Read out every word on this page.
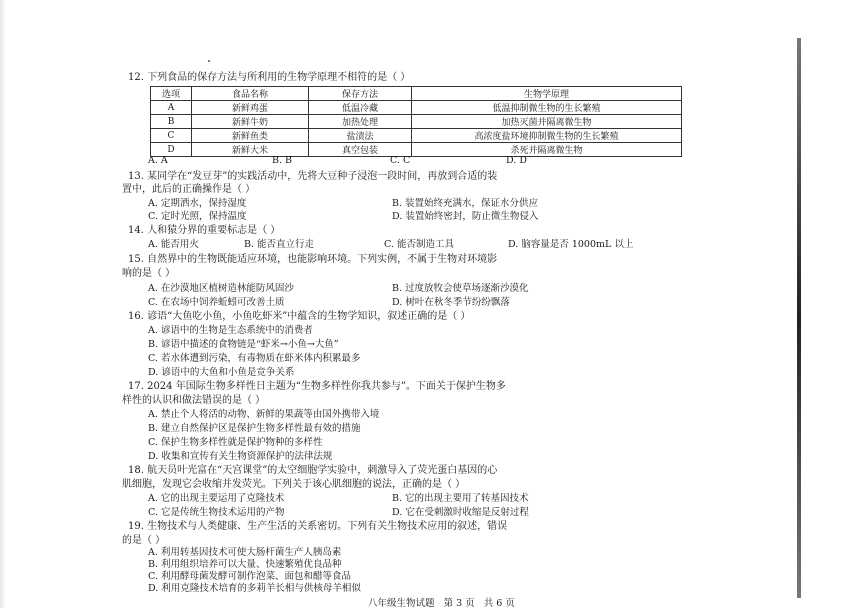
12. 下列食品的保存方法与所利用的生物学原理不相符的是（ ）
选项	食品名称	保存方法	生物学原理
A	新鲜鸡蛋	低温冷藏	低温抑制微生物的生长繁殖
B	新鲜牛奶	加热处理	加热灭菌并隔离微生物
C	新鲜鱼类	盐渍法	高浓度盐环境抑制微生物的生长繁殖
D	新鲜大米	真空包装	杀死并隔离微生物
A. A	B. B	C. C	D. D
13. 某同学在“发豆芽”的实践活动中，先将大豆种子浸泡一段时间，再放到合适的装
置中，此后的正确操作是（ ）
A. 定期洒水，保持湿度	B. 装置始终充满水，保证水分供应
C. 定时光照，保持温度	D. 装置始终密封，防止微生物侵入
14. 人和猿分界的重要标志是（ ）
A. 能否用火	B. 能否直立行走	C. 能否制造工具	D. 脑容量是否 1000mL 以上
15. 自然界中的生物既能适应环境，也能影响环境。下列实例，不属于生物对环境影
响的是（ ）
A. 在沙漠地区植树造林能防风固沙	B. 过度放牧会使草场逐渐沙漠化
C. 在农场中饲养蚯蚓可改善土质	D. 树叶在秋冬季节纷纷飘落
16. 谚语“大鱼吃小鱼，小鱼吃虾米”中蕴含的生物学知识，叙述正确的是（ ）
A. 谚语中的生物是生态系统中的消费者
B. 谚语中描述的食物链是“虾米→小鱼→大鱼”
C. 若水体遭到污染，有毒物质在虾米体内积累最多
D. 谚语中的大鱼和小鱼是竞争关系
17. 2024 年国际生物多样性日主题为“生物多样性你我共参与”。下面关于保护生物多
样性的认识和做法错误的是（ ）
A. 禁止个人将活的动物、新鲜的果蔬等由国外携带入境
B. 建立自然保护区是保护生物多样性最有效的措施
C. 保护生物多样性就是保护物种的多样性
D. 收集和宣传有关生物资源保护的法律法规
18. 航天员叶光富在“天宫课堂”的太空细胞学实验中，刺激导入了荧光蛋白基因的心
肌细胞，发现它会收缩并发荧光。下列关于该心肌细胞的说法，正确的是（ ）
A. 它的出现主要运用了克隆技术	B. 它的出现主要用了转基因技术
C. 它是传统生物技术运用的产物	D. 它在受刺激时收缩是反射过程
19. 生物技术与人类健康、生产生活的关系密切。下列有关生物技术应用的叙述，错误
的是（ ）
A. 利用转基因技术可使大肠杆菌生产人胰岛素
B. 利用组织培养可以大量、快速繁殖优良品种
C. 利用酵母菌发酵可制作泡菜、面包和醋等食品
D. 利用克隆技术培育的多莉羊长相与供核母羊相似
八年级生物试题 第 3 页 共 6 页
